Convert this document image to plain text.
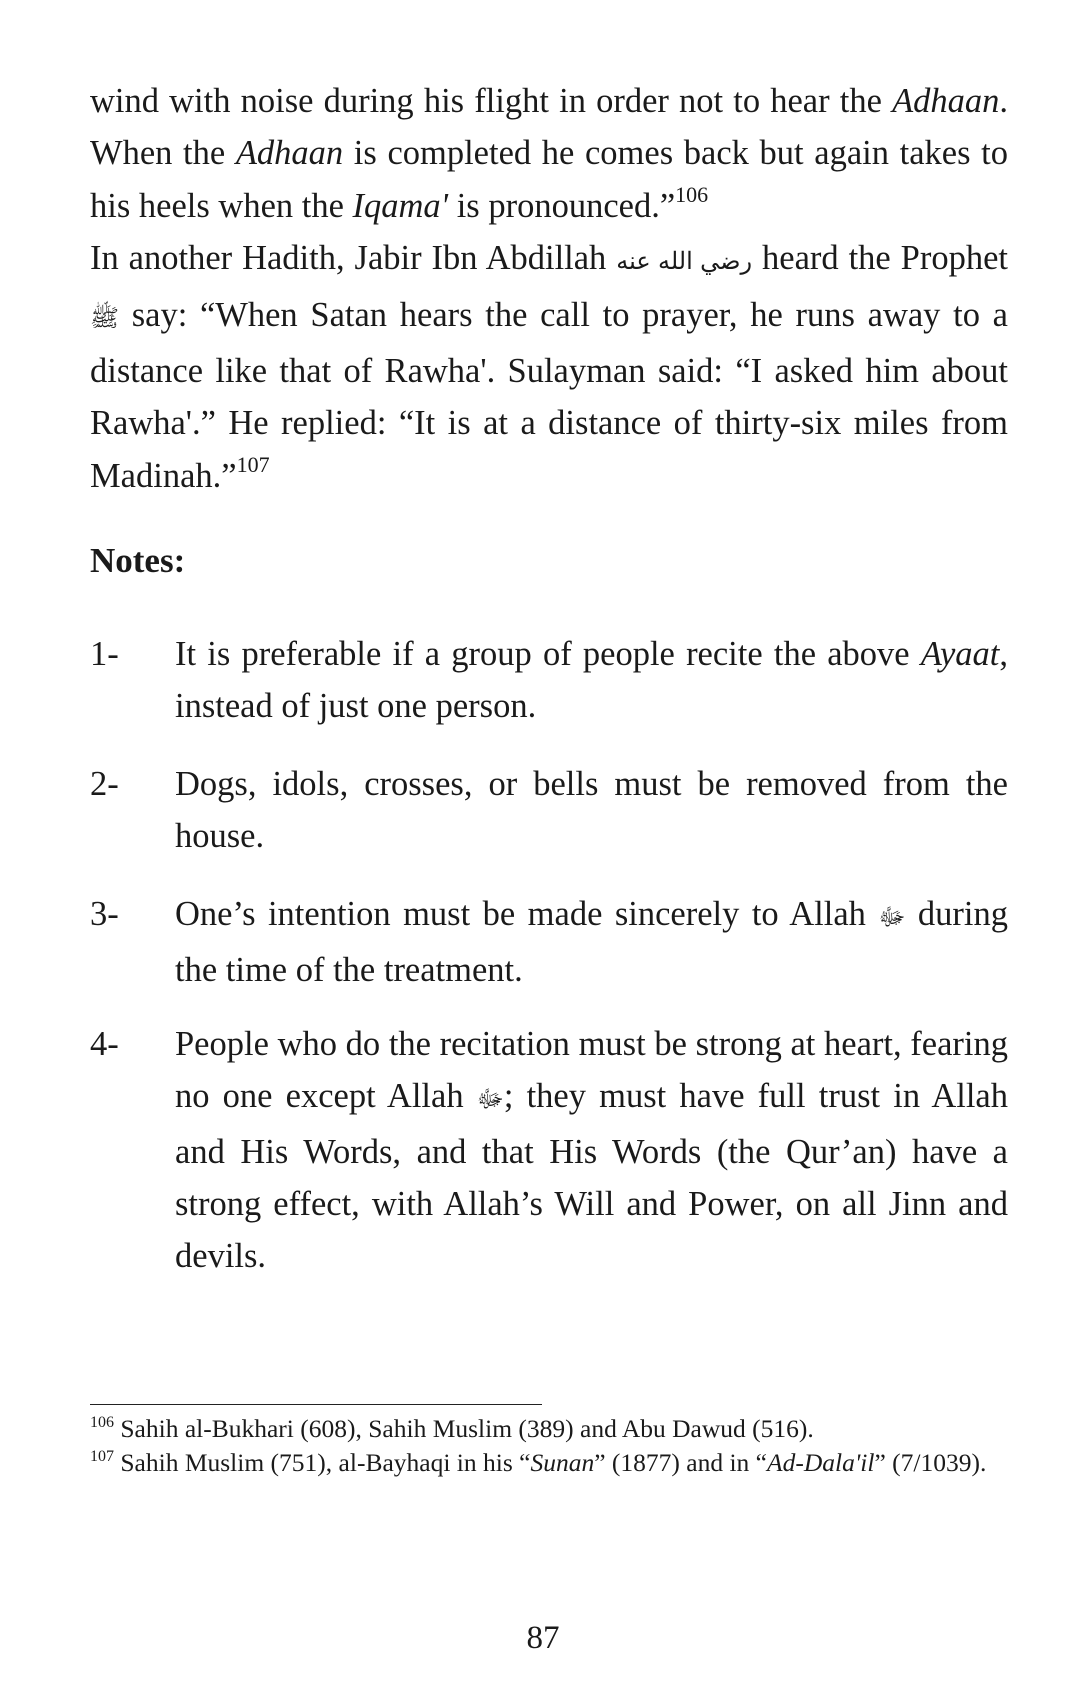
wind with noise during his flight in order not to hear the Adhaan. When the Adhaan is completed he comes back but again takes to his heels when the Iqama' is pronounced.”$^{106}$

In another Hadith, Jabir Ibn Abdillah رضي الله عنه heard the Prophet ﷺ say: “When Satan hears the call to prayer, he runs away to a distance like that of Rawha'. Sulayman said: “I asked him about Rawha'.” He replied: “It is at a distance of thirty-six miles from Madinah.”$^{107}$

Notes:
1- It is preferable if a group of people recite the above Ayaat, instead of just one person.
2- Dogs, idols, crosses, or bells must be removed from the house.
3- One’s intention must be made sincerely to Allah ﷻ during the time of the treatment.
4- People who do the recitation must be strong at heart, fearing no one except Allah ﷻ; they must have full trust in Allah and His Words, and that His Words (the Qur’an) have a strong effect, with Allah’s Will and Power, on all Jinn and devils.
$^{106}$ Sahih al-Bukhari (608), Sahih Muslim (389) and Abu Dawud (516).
$^{107}$ Sahih Muslim (751), al-Bayhaqi in his “Sunan” (1877) and in “Ad-Dala'il” (7/1039).
87
